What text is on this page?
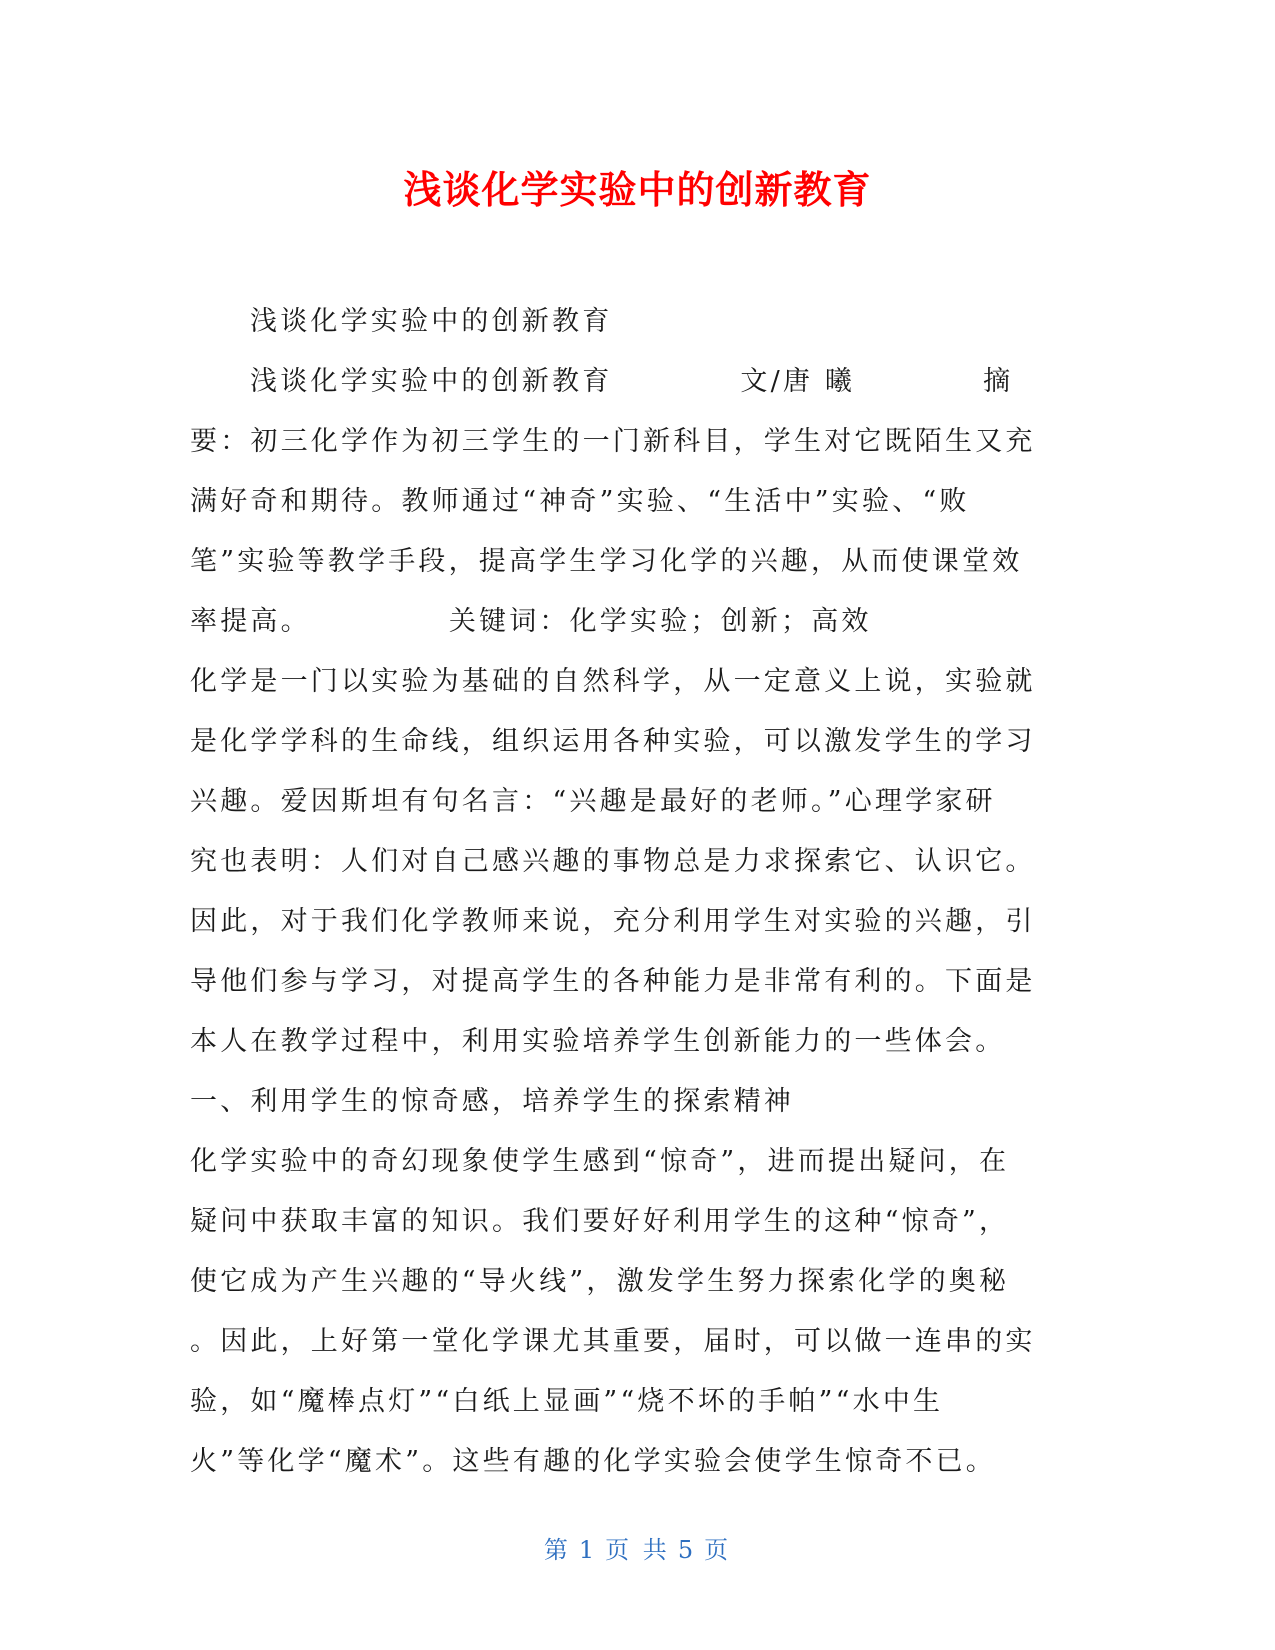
浅谈化学实验中的创新教育
浅谈化学实验中的创新教育
浅谈化学实验中的创新教育	文/唐 曦	摘
要：初三化学作为初三学生的一门新科目，学生对它既陌生又充
满好奇和期待。教师通过“神奇”实验、“生活中”实验、“败
笔”实验等教学手段，提高学生学习化学的兴趣，从而使课堂效
率提高。	关键词：化学实验；创新；高效
化学是一门以实验为基础的自然科学，从一定意义上说，实验就
是化学学科的生命线，组织运用各种实验，可以激发学生的学习
兴趣。爱因斯坦有句名言：“兴趣是最好的老师。”心理学家研
究也表明：人们对自己感兴趣的事物总是力求探索它、认识它。
因此，对于我们化学教师来说，充分利用学生对实验的兴趣，引
导他们参与学习，对提高学生的各种能力是非常有利的。下面是
本人在教学过程中，利用实验培养学生创新能力的一些体会。
一、利用学生的惊奇感，培养学生的探索精神
化学实验中的奇幻现象使学生感到“惊奇”，进而提出疑问，在
疑问中获取丰富的知识。我们要好好利用学生的这种“惊奇”，
使它成为产生兴趣的“导火线”，激发学生努力探索化学的奥秘
。因此，上好第一堂化学课尤其重要，届时，可以做一连串的实
验，如“魔棒点灯”“白纸上显画”“烧不坏的手帕”“水中生
火”等化学“魔术”。这些有趣的化学实验会使学生惊奇不已。
第 1 页 共 5 页
